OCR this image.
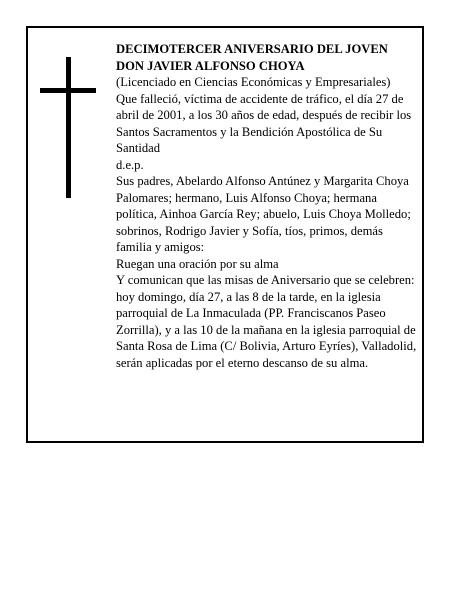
DECIMOTERCER ANIVERSARIO DEL JOVEN

DON JAVIER ALFONSO CHOYA

(Licenciado en Ciencias Económicas y Empresariales)

Que falleció, víctima de accidente de tráfico, el día 27 de abril de 2001, a los 30 años de edad, después de recibir los Santos Sacramentos y la Bendición Apostólica de Su Santidad

d.e.p.

Sus padres, Abelardo Alfonso Antúnez y Margarita Choya Palomares; hermano, Luis Alfonso Choya; hermana política, Ainhoa García Rey; abuelo, Luis Choya Molledo; sobrinos, Rodrigo Javier y Sofía, tíos, primos, demás familia y amigos:

Ruegan una oración por su alma

Y comunican que las misas de Aniversario que se celebren: hoy domingo, día 27, a las 8 de la tarde, en la iglesia parroquial de La Inmaculada (PP. Franciscanos Paseo Zorrilla), y a las 10 de la mañana en la iglesia parroquial de Santa Rosa de Lima (C/ Bolivia, Arturo Eyríes), Valladolid, serán aplicadas por el eterno descanso de su alma.
